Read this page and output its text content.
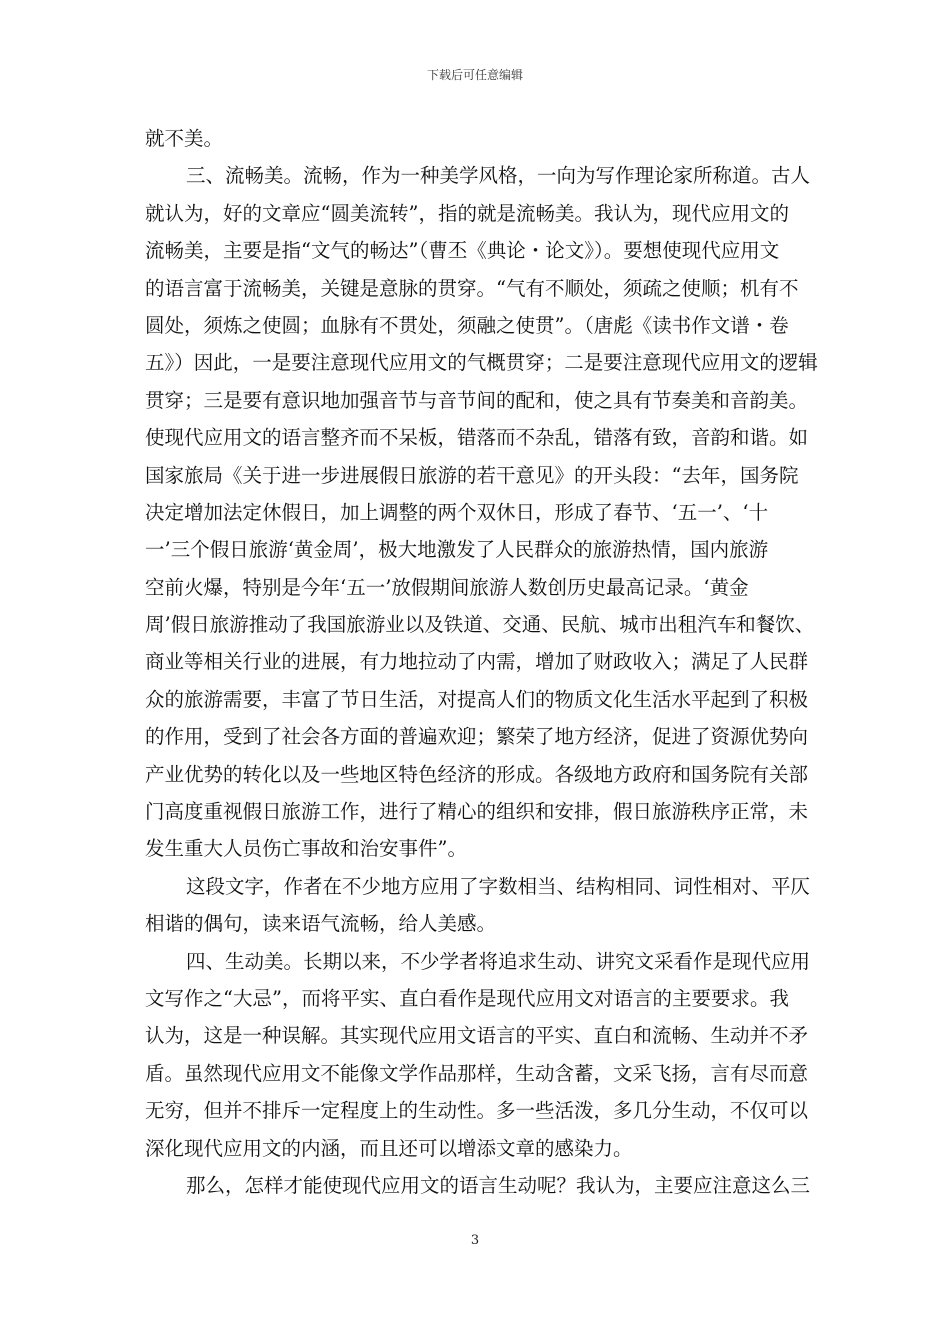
下载后可任意编辑
就不美。
三、流畅美。流畅，作为一种美学风格，一向为写作理论家所称道。古人
就认为，好的文章应“圆美流转”，指的就是流畅美。我认为，现代应用文的
流畅美，主要是指“文气的畅达”（曹丕《典论・论文》）。要想使现代应用文
的语言富于流畅美，关键是意脉的贯穿。“气有不顺处，须疏之使顺；机有不
圆处，须炼之使圆；血脉有不贯处，须融之使贯”。（唐彪《读书作文谱・卷
五》）因此，一是要注意现代应用文的气概贯穿；二是要注意现代应用文的逻辑
贯穿；三是要有意识地加强音节与音节间的配和，使之具有节奏美和音韵美。
使现代应用文的语言整齐而不呆板，错落而不杂乱，错落有致，音韵和谐。如
国家旅局《关于进一步进展假日旅游的若干意见》的开头段：“去年，国务院
决定增加法定休假日，加上调整的两个双休日，形成了春节、‘五一’、‘十
一’三个假日旅游‘黄金周’，极大地激发了人民群众的旅游热情，国内旅游
空前火爆，特别是今年‘五一’放假期间旅游人数创历史最高记录。‘黄金
周’假日旅游推动了我国旅游业以及铁道、交通、民航、城市出租汽车和餐饮、
商业等相关行业的进展，有力地拉动了内需，增加了财政收入；满足了人民群
众的旅游需要，丰富了节日生活，对提高人们的物质文化生活水平起到了积极
的作用，受到了社会各方面的普遍欢迎；繁荣了地方经济，促进了资源优势向
产业优势的转化以及一些地区特色经济的形成。各级地方政府和国务院有关部
门高度重视假日旅游工作，进行了精心的组织和安排，假日旅游秩序正常，未
发生重大人员伤亡事故和治安事件”。
这段文字，作者在不少地方应用了字数相当、结构相同、词性相对、平仄
相谐的偶句，读来语气流畅，给人美感。
四、生动美。长期以来，不少学者将追求生动、讲究文采看作是现代应用
文写作之“大忌”，而将平实、直白看作是现代应用文对语言的主要要求。我
认为，这是一种误解。其实现代应用文语言的平实、直白和流畅、生动并不矛
盾。虽然现代应用文不能像文学作品那样，生动含蓄，文采飞扬，言有尽而意
无穷，但并不排斥一定程度上的生动性。多一些活泼，多几分生动，不仅可以
深化现代应用文的内涵，而且还可以增添文章的感染力。
那么，怎样才能使现代应用文的语言生动呢？我认为，主要应注意这么三
3
